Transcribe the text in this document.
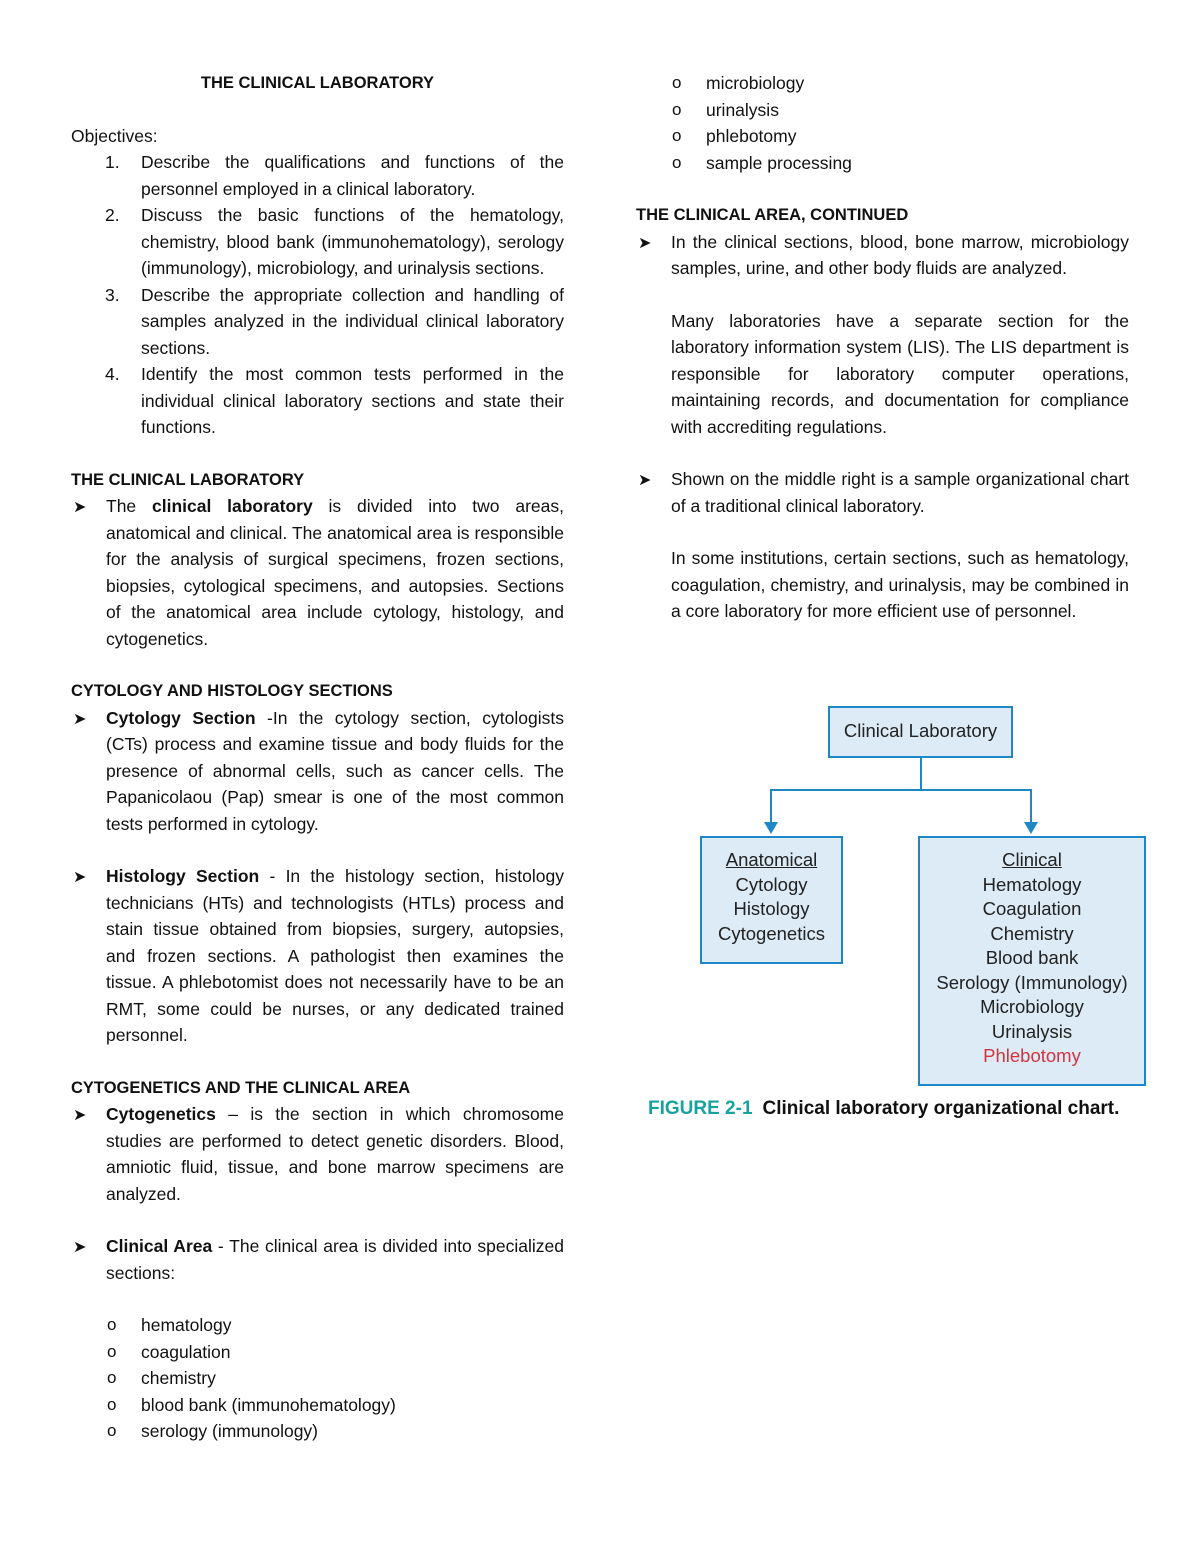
THE CLINICAL LABORATORY

Objectives:

1. Describe the qualifications and functions of the personnel employed in a clinical laboratory.
2. Discuss the basic functions of the hematology, chemistry, blood bank (immunohematology), serology (immunology), microbiology, and urinalysis sections.
3. Describe the appropriate collection and handling of samples analyzed in the individual clinical laboratory sections.
4. Identify the most common tests performed in the individual clinical laboratory sections and state their functions.

THE CLINICAL LABORATORY

➤ The clinical laboratory is divided into two areas, anatomical and clinical. The anatomical area is responsible for the analysis of surgical specimens, frozen sections, biopsies, cytological specimens, and autopsies. Sections of the anatomical area include cytology, histology, and cytogenetics.

CYTOLOGY AND HISTOLOGY SECTIONS

➤ Cytology Section -In the cytology section, cytologists (CTs) process and examine tissue and body fluids for the presence of abnormal cells, such as cancer cells. The Papanicolaou (Pap) smear is one of the most common tests performed in cytology.
➤ Histology Section - In the histology section, histology technicians (HTs) and technologists (HTLs) process and stain tissue obtained from biopsies, surgery, autopsies, and frozen sections. A pathologist then examines the tissue. A phlebotomist does not necessarily have to be an RMT, some could be nurses, or any dedicated trained personnel.

CYTOGENETICS AND THE CLINICAL AREA

➤ Cytogenetics – is the section in which chromosome studies are performed to detect genetic disorders. Blood, amniotic fluid, tissue, and bone marrow specimens are analyzed.
➤ Clinical Area - The clinical area is divided into specialized sections:
o hematology
o coagulation
o chemistry
o blood bank (immunohematology)
o serology (immunology)
o microbiology
o urinalysis
o phlebotomy
o sample processing

THE CLINICAL AREA, CONTINUED

➤ In the clinical sections, blood, bone marrow, microbiology samples, urine, and other body fluids are analyzed.

Many laboratories have a separate section for the laboratory information system (LIS). The LIS department is responsible for laboratory computer operations, maintaining records, and documentation for compliance with accrediting regulations.

➤ Shown on the middle right is a sample organizational chart of a traditional clinical laboratory.

In some institutions, certain sections, such as hematology, coagulation, chemistry, and urinalysis, may be combined in a core laboratory for more efficient use of personnel.

Clinical Laboratory
Anatomical
Cytology
Histology
Cytogenetics
Clinical
Hematology
Coagulation
Chemistry
Blood bank
Serology (Immunology)
Microbiology
Urinalysis
Phlebotomy
FIGURE 2-1 Clinical laboratory organizational chart.
